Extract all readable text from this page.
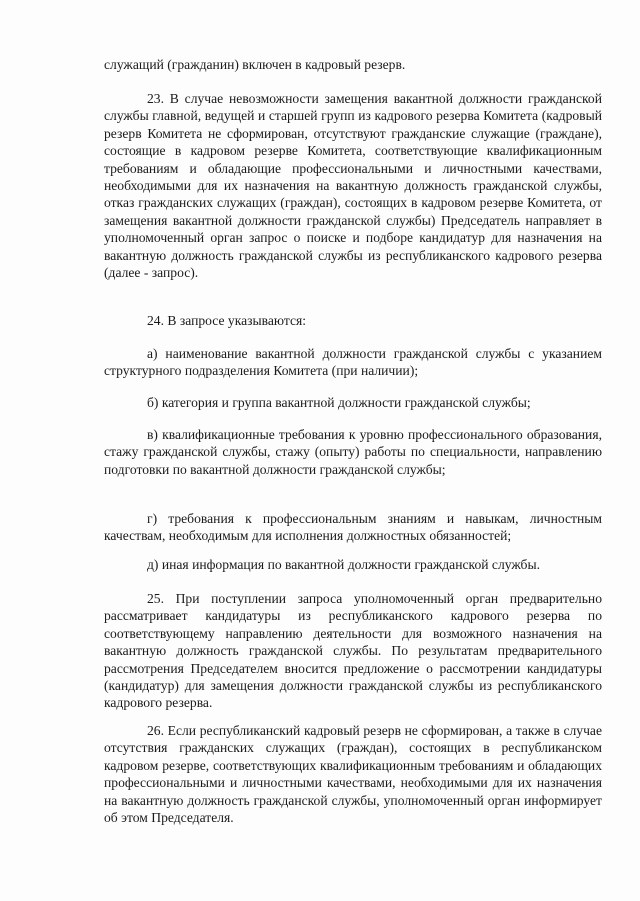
служащий (гражданин) включен в кадровый резерв.

23. В случае невозможности замещения вакантной должности гражданской службы главной, ведущей и старшей групп из кадрового резерва Комитета (кадровый резерв Комитета не сформирован, отсутствуют гражданские служащие (граждане), состоящие в кадровом резерве Комитета, соответствующие квалификационным требованиям и обладающие профессиональными и личностными качествами, необходимыми для их назначения на вакантную должность гражданской службы, отказ гражданских служащих (граждан), состоящих в кадровом резерве Комитета, от замещения вакантной должности гражданской службы) Председатель направляет в уполномоченный орган запрос о поиске и подборе кандидатур для назначения на вакантную должность гражданской службы из республиканского кадрового резерва (далее - запрос).

24. В запросе указываются:

а) наименование вакантной должности гражданской службы с указанием структурного подразделения Комитета (при наличии);

б) категория и группа вакантной должности гражданской службы;

в) квалификационные требования к уровню профессионального образования, стажу гражданской службы, стажу (опыту) работы по специальности, направлению подготовки по вакантной должности гражданской службы;

г) требования к профессиональным знаниям и навыкам, личностным качествам, необходимым для исполнения должностных обязанностей;

д) иная информация по вакантной должности гражданской службы.

25. При поступлении запроса уполномоченный орган предварительно рассматривает кандидатуры из республиканского кадрового резерва по соответствующему направлению деятельности для возможного назначения на вакантную должность гражданской службы. По результатам предварительного рассмотрения Председателем вносится предложение о рассмотрении кандидатуры (кандидатур) для замещения должности гражданской службы из республиканского кадрового резерва.

26. Если республиканский кадровый резерв не сформирован, а также в случае отсутствия гражданских служащих (граждан), состоящих в республиканском кадровом резерве, соответствующих квалификационным требованиям и обладающих профессиональными и личностными качествами, необходимыми для их назначения на вакантную должность гражданской службы, уполномоченный орган информирует об этом Председателя.
